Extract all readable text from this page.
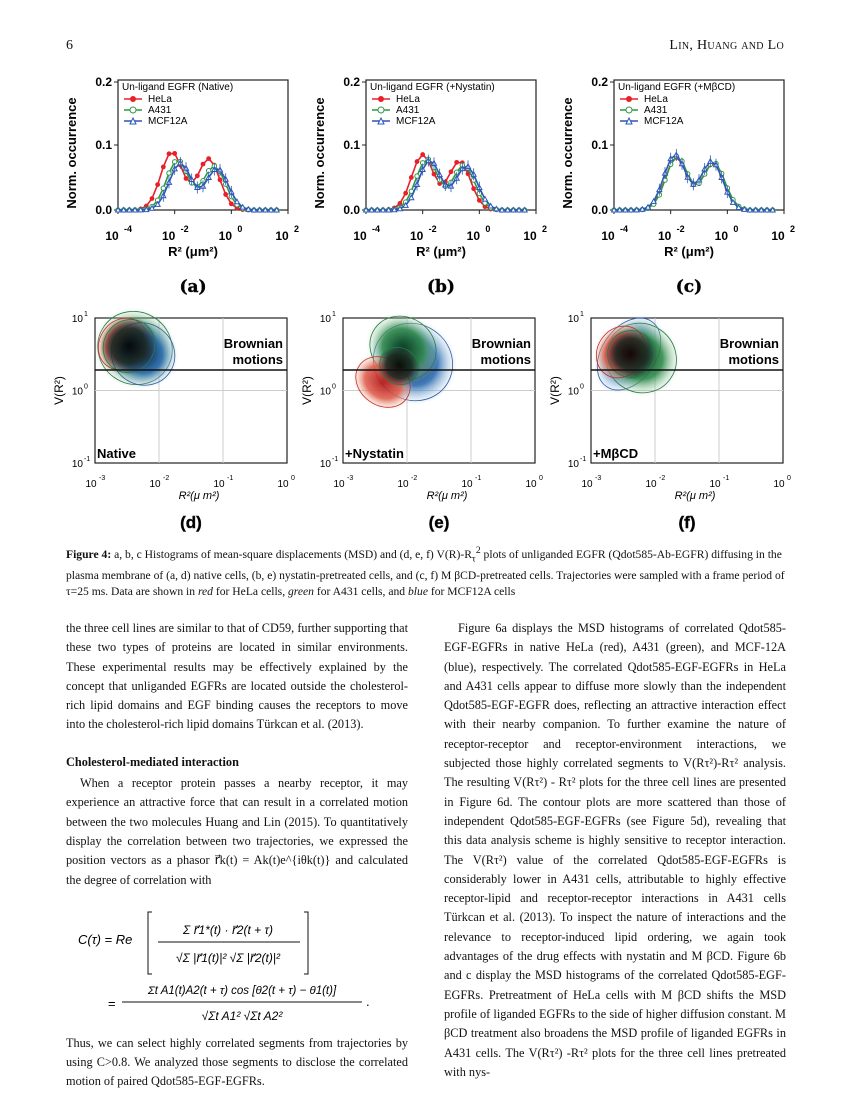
6	Lin, Huang and Lo
0.0
0.1
0.2
10 -4 10 -2 10 0	10 2
Norm. occurrence
R² (μm²)
Un-ligand EGFR (Native)
HeLa
A431
MCF12A
(a)
0.0
0.1
0.2
10 -4 10 -2 10 0	10 2
Norm. occurrence
R² (μm²)
Un-ligand EGFR (+Nystatin)
HeLa
A431
MCF12A
(b)
0.0
0.1
0.2
10 -4 10 -2 10 0	10 2
Norm. occurrence
R² (μm²)
Un-ligand EGFR (+MβCD)
HeLa
A431
MCF12A
(c)
Brownian
motions
Native
10 1
10 0
10 -1
V(R²)
10
-3
10
-2
10
-1
10
0
R²(μ m²)
(d)
Brownian
motions
+Nystatin
10 1
10 0
10 -1
V(R²)
10
-3
10
-2
10
-1
10
0
R²(μ m²)
(e)
Brownian
motions
+MβCD
10 1
10 0
10 -1
V(R²)
10
-3
10
-2
10
-1
10
0
R²(μ m²)
(f)
Figure 4: a, b, c Histograms of mean-square displacements (MSD) and (d, e, f) $V(R)-R_\tau^2$ plots of unliganded EGFR (Qdot585-Ab-EGFR) diffusing in the plasma membrane of (a, d) native cells, (b, e) nystatin-pretreated cells, and (c, f) M βCD-pretreated cells. Trajectories were sampled with a frame period of τ=25 ms. Data are shown in red for HeLa cells, green for A431 cells, and blue for MCF12A cells

the three cell lines are similar to that of CD59, further supporting that these two types of proteins are located in similar environments. These experimental results may be effectively explained by the concept that unliganded EGFRs are located outside the cholesterol-rich lipid domains and EGF binding causes the receptors to move into the cholesterol-rich lipid domains Türkcan et al. (2013).

Cholesterol-mediated interaction

When a receptor protein passes a nearby receptor, it may experience an attractive force that can result in a correlated motion between the two molecules Huang and Lin (2015). To quantitatively display the correlation between two trajectories, we expressed the position vectors as a phasor r⃗k(t) = Ak(t)e^{iθk(t)} and calculated the degree of correlation with

C(τ) = Re
Σ r⃗1*(t) · r⃗2(t + τ)
√Σ |r⃗1(t)|² √Σ |r⃗2(t)|²
=
Σt A1(t)A2(t + τ) cos [θ2(t + τ) − θ1(t)]
√Σt A1² √Σt A2²
.

Thus, we can select highly correlated segments from trajectories by using C>0.8. We analyzed those segments to disclose the correlated motion of paired Qdot585-EGF-EGFRs.

Figure 6a displays the MSD histograms of correlated Qdot585-EGF-EGFRs in native HeLa (red), A431 (green), and MCF-12A (blue), respectively. The correlated Qdot585-EGF-EGFRs in HeLa and A431 cells appear to diffuse more slowly than the independent Qdot585-EGF-EGFR does, reflecting an attractive interaction effect with their nearby companion. To further examine the nature of receptor-receptor and receptor-environment interactions, we subjected those highly correlated segments to V(Rτ²)-Rτ² analysis. The resulting V(Rτ²) - Rτ² plots for the three cell lines are presented in Figure 6d. The contour plots are more scattered than those of independent Qdot585-EGF-EGFRs (see Figure 5d), revealing that this data analysis scheme is highly sensitive to receptor interaction. The V(Rτ²) value of the correlated Qdot585-EGF-EGFRs is considerably lower in A431 cells, attributable to highly effective receptor-lipid and receptor-receptor interactions in A431 cells Türkcan et al. (2013). To inspect the nature of interactions and the relevance to receptor-induced lipid ordering, we again took advantages of the drug effects with nystatin and M βCD. Figure 6b and c display the MSD histograms of the correlated Qdot585-EGF-EGFRs. Pretreatment of HeLa cells with M βCD shifts the MSD profile of liganded EGFRs to the side of higher diffusion constant. M βCD treatment also broadens the MSD profile of liganded EGFRs in A431 cells. The V(Rτ²) -Rτ² plots for the three cell lines pretreated with nys-
